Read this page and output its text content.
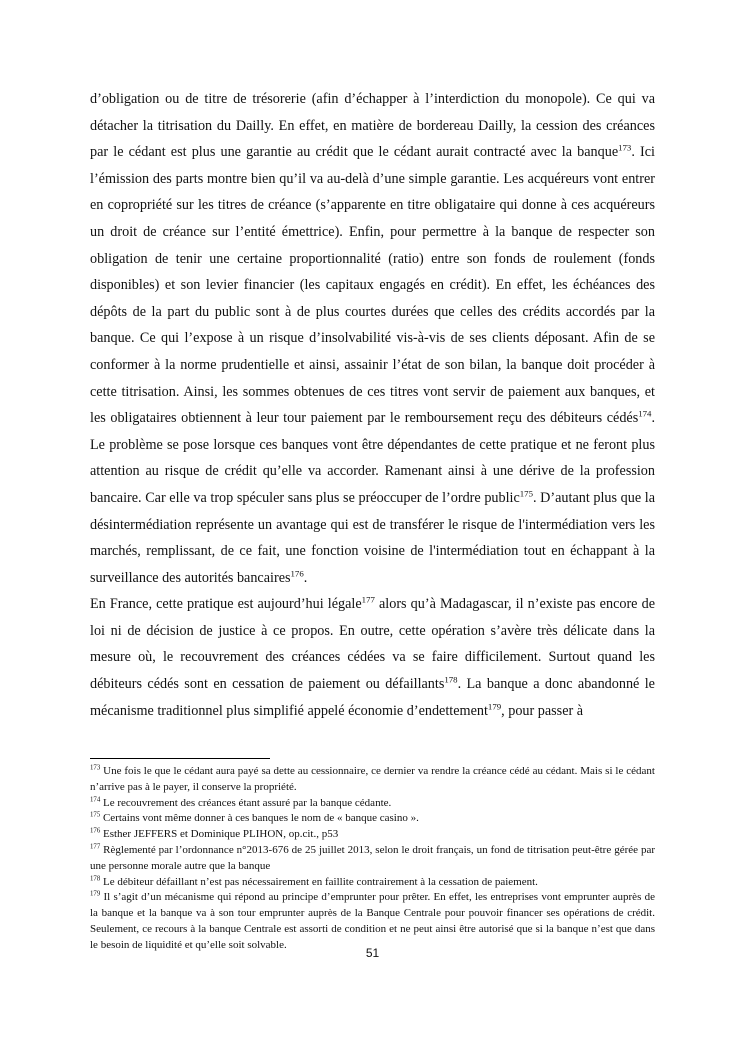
d’obligation ou de titre de trésorerie (afin d’échapper à l’interdiction du monopole). Ce qui va détacher la titrisation du Dailly. En effet, en matière de bordereau Dailly, la cession des créances par le cédant est plus une garantie au crédit que le cédant aurait contracté avec la banque$^{173}$. Ici l’émission des parts montre bien qu’il va au-delà d’une simple garantie. Les acquéreurs vont entrer en copropriété sur les titres de créance (s’apparente en titre obligataire qui donne à ces acquéreurs un droit de créance sur l’entité émettrice). Enfin, pour permettre à la banque de respecter son obligation de tenir une certaine proportionnalité (ratio) entre son fonds de roulement (fonds disponibles) et son levier financier (les capitaux engagés en crédit). En effet, les échéances des dépôts de la part du public sont à de plus courtes durées que celles des crédits accordés par la banque. Ce qui l’expose à un risque d’insolvabilité vis-à-vis de ses clients déposant. Afin de se conformer à la norme prudentielle et ainsi, assainir l’état de son bilan, la banque doit procéder à cette titrisation. Ainsi, les sommes obtenues de ces titres vont servir de paiement aux banques, et les obligataires obtiennent à leur tour paiement par le remboursement reçu des débiteurs cédés$^{174}$. Le problème se pose lorsque ces banques vont être dépendantes de cette pratique et ne feront plus attention au risque de crédit qu’elle va accorder. Ramenant ainsi à une dérive de la profession bancaire. Car elle va trop spéculer sans plus se préoccuper de l’ordre public$^{175}$. D’autant plus que la désintermédiation représente un avantage qui est de transférer le risque de l'intermédiation vers les marchés, remplissant, de ce fait, une fonction voisine de l'intermédiation tout en échappant à la surveillance des autorités bancaires$^{176}$.

En France, cette pratique est aujourd’hui légale$^{177}$ alors qu’à Madagascar, il n’existe pas encore de loi ni de décision de justice à ce propos. En outre, cette opération s’avère très délicate dans la mesure où, le recouvrement des créances cédées va se faire difficilement. Surtout quand les débiteurs cédés sont en cessation de paiement ou défaillants$^{178}$. La banque a donc abandonné le mécanisme traditionnel plus simplifié appelé économie d’endettement$^{179}$, pour passer à

$^{173}$ Une fois le que le cédant aura payé sa dette au cessionnaire, ce dernier va rendre la créance cédé au cédant. Mais si le cédant n’arrive pas à le payer, il conserve la propriété.

$^{174}$ Le recouvrement des créances étant assuré par la banque cédante.

$^{175}$ Certains vont même donner à ces banques le nom de « banque casino ».

$^{176}$ Esther JEFFERS et Dominique PLIHON, op.cit., p53

$^{177}$ Règlementé par l’ordonnance n°2013-676 de 25 juillet 2013, selon le droit français, un fond de titrisation peut-être gérée par une personne morale autre que la banque

$^{178}$ Le débiteur défaillant n’est pas nécessairement en faillite contrairement à la cessation de paiement.

$^{179}$ Il s’agit d’un mécanisme qui répond au principe d’emprunter pour prêter. En effet, les entreprises vont emprunter auprès de la banque et la banque va à son tour emprunter auprès de la Banque Centrale pour pouvoir financer ses opérations de crédit. Seulement, ce recours à la banque Centrale est assorti de condition et ne peut ainsi être autorisé que si la banque n’est que dans le besoin de liquidité et qu’elle soit solvable.

51
